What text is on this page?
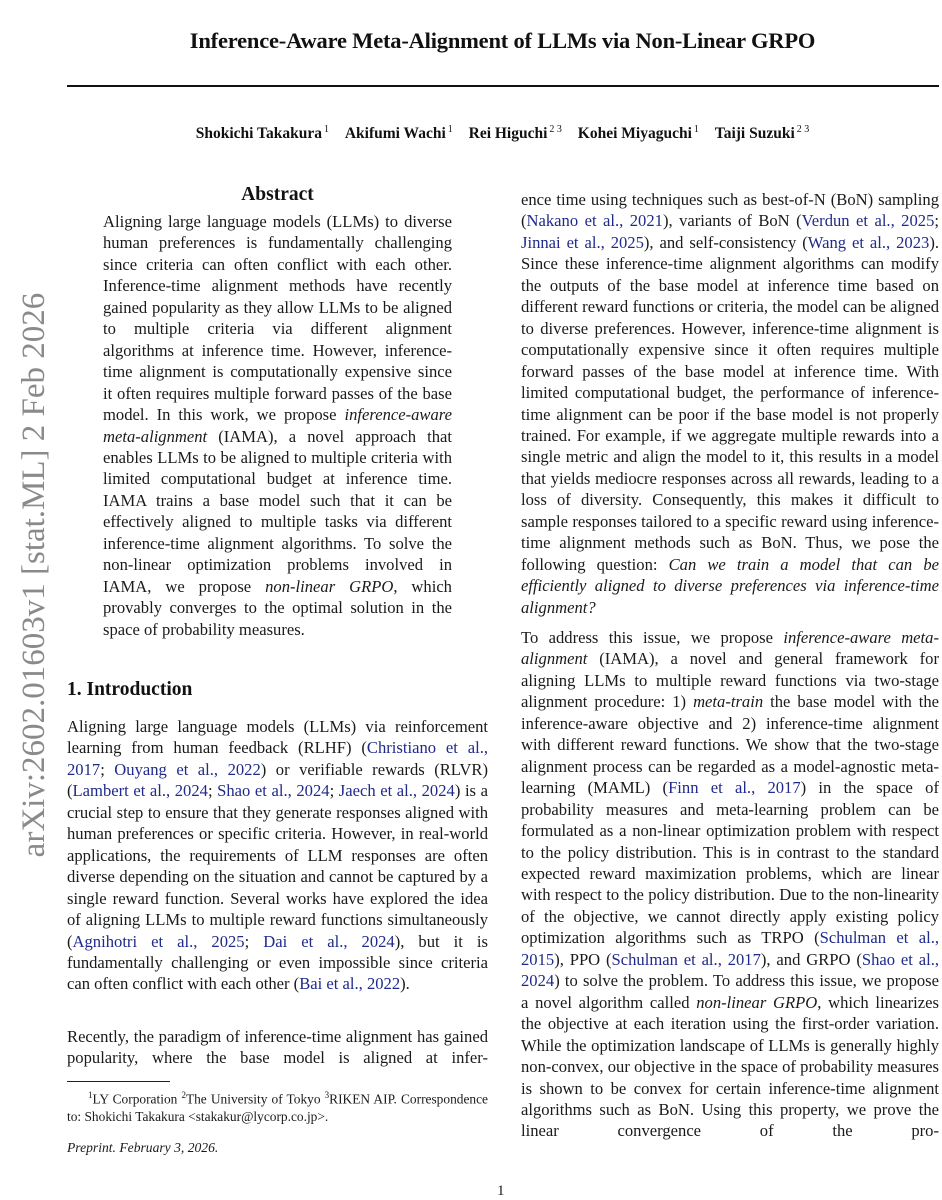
Inference-Aware Meta-Alignment of LLMs via Non-Linear GRPO
Shokichi Takakura $^1$ Akifumi Wachi $^1$ Rei Higuchi $^{2 3}$ Kohei Miyaguchi $^1$ Taiji Suzuki $^{2 3}$
arXiv:2602.01603v1 [stat.ML] 2 Feb 2026
Abstract
Aligning large language models (LLMs) to diverse human preferences is fundamentally challenging since criteria can often conflict with each other. Inference-time alignment methods have recently gained popularity as they allow LLMs to be aligned to multiple criteria via different alignment algorithms at inference time. However, inference-time alignment is computationally expensive since it often requires multiple forward passes of the base model. In this work, we propose inference-aware meta-alignment (IAMA), a novel approach that enables LLMs to be aligned to multiple criteria with limited computational budget at inference time. IAMA trains a base model such that it can be effectively aligned to multiple tasks via different inference-time alignment algorithms. To solve the non-linear optimization problems involved in IAMA, we propose non-linear GRPO, which provably converges to the optimal solution in the space of probability measures.
1. Introduction
Aligning large language models (LLMs) via reinforcement learning from human feedback (RLHF) (Christiano et al., 2017; Ouyang et al., 2022) or verifiable rewards (RLVR) (Lambert et al., 2024; Shao et al., 2024; Jaech et al., 2024) is a crucial step to ensure that they generate responses aligned with human preferences or specific criteria. However, in real-world applications, the requirements of LLM responses are often diverse depending on the situation and cannot be captured by a single reward function. Several works have explored the idea of aligning LLMs to multiple reward functions simultaneously (Agnihotri et al., 2025; Dai et al., 2024), but it is fundamentally challenging or even impossible since criteria can often conflict with each other (Bai et al., 2022).
Recently, the paradigm of inference-time alignment has gained popularity, where the base model is aligned at infer-
$^1$LY Corporation $^2$The University of Tokyo $^3$RIKEN AIP. Correspondence to: Shokichi Takakura <stakakur@lycorp.co.jp>.
Preprint. February 3, 2026.
ence time using techniques such as best-of-N (BoN) sampling (Nakano et al., 2021), variants of BoN (Verdun et al., 2025; Jinnai et al., 2025), and self-consistency (Wang et al., 2023). Since these inference-time alignment algorithms can modify the outputs of the base model at inference time based on different reward functions or criteria, the model can be aligned to diverse preferences. However, inference-time alignment is computationally expensive since it often requires multiple forward passes of the base model at inference time. With limited computational budget, the performance of inference-time alignment can be poor if the base model is not properly trained. For example, if we aggregate multiple rewards into a single metric and align the model to it, this results in a model that yields mediocre responses across all rewards, leading to a loss of diversity. Consequently, this makes it difficult to sample responses tailored to a specific reward using inference-time alignment methods such as BoN. Thus, we pose the following question: Can we train a model that can be efficiently aligned to diverse preferences via inference-time alignment?
To address this issue, we propose inference-aware meta-alignment (IAMA), a novel and general framework for aligning LLMs to multiple reward functions via two-stage alignment procedure: 1) meta-train the base model with the inference-aware objective and 2) inference-time alignment with different reward functions. We show that the two-stage alignment process can be regarded as a model-agnostic meta-learning (MAML) (Finn et al., 2017) in the space of probability measures and meta-learning problem can be formulated as a non-linear optimization problem with respect to the policy distribution. This is in contrast to the standard expected reward maximization problems, which are linear with respect to the policy distribution. Due to the non-linearity of the objective, we cannot directly apply existing policy optimization algorithms such as TRPO (Schulman et al., 2015), PPO (Schulman et al., 2017), and GRPO (Shao et al., 2024) to solve the problem. To address this issue, we propose a novel algorithm called non-linear GRPO, which linearizes the objective at each iteration using the first-order variation. While the optimization landscape of LLMs is generally highly non-convex, our objective in the space of probability measures is shown to be convex for certain inference-time alignment algorithms such as BoN. Using this property, we prove the linear convergence of the pro-
1
